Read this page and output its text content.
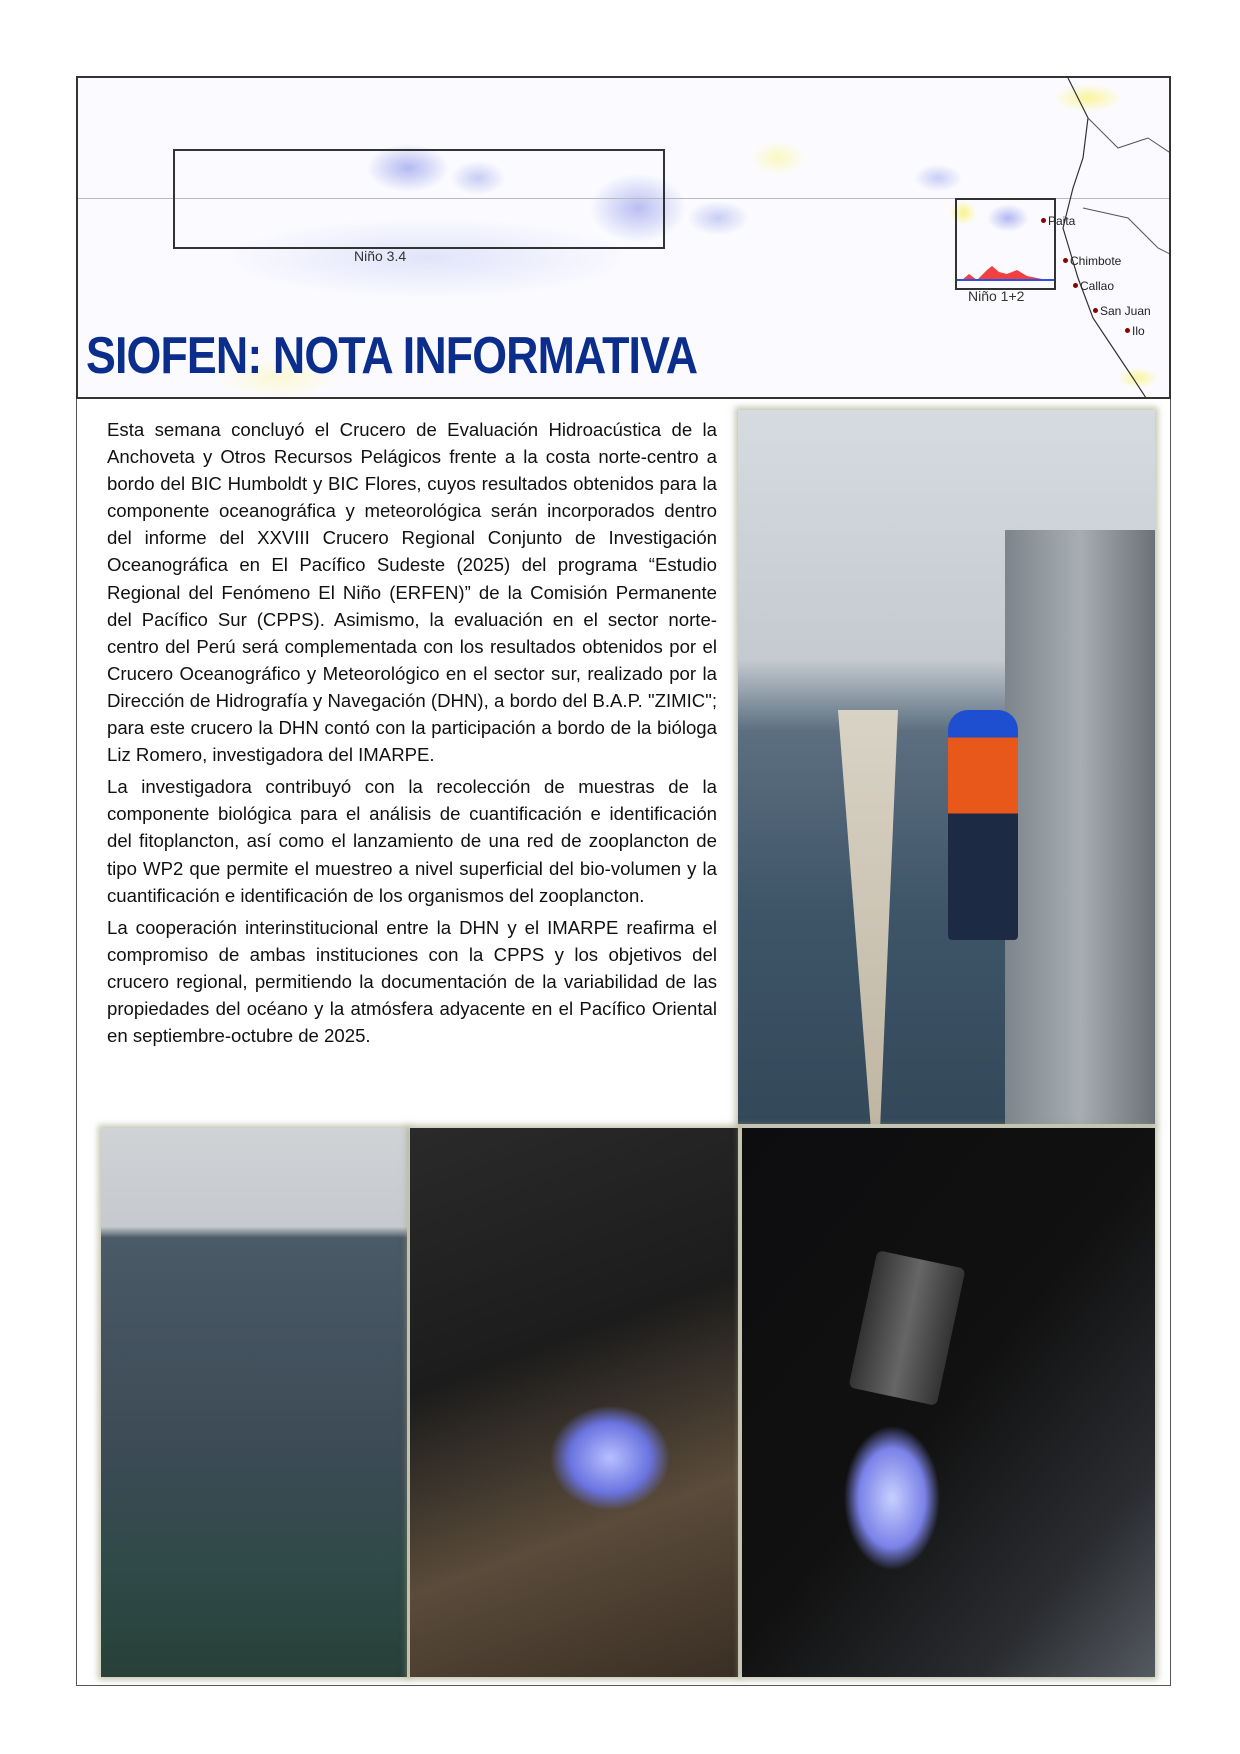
Niño 3.4
Niño 1+2
Paita
Chimbote
Callao
San Juan
Ilo
SIOFEN: NOTA INFORMATIVA

Esta semana concluyó el Crucero de Evaluación Hidroacústica de la Anchoveta y Otros Recursos Pelágicos frente a la costa norte-centro a bordo del BIC Humboldt y BIC Flores, cuyos resultados obtenidos para la componente oceanográfica y meteorológica serán incorporados dentro del informe del XXVIII Crucero Regional Conjunto de Investigación Oceanográfica en El Pacífico Sudeste (2025) del programa “Estudio Regional del Fenómeno El Niño (ERFEN)” de la Comisión Permanente del Pacífico Sur (CPPS). Asimismo, la evaluación en el sector norte-centro del Perú será complementada con los resultados obtenidos por el Crucero Oceanográfico y Meteorológico en el sector sur, realizado por la Dirección de Hidrografía y Navegación (DHN), a bordo del B.A.P. "ZIMIC"; para este crucero la DHN contó con la participación a bordo de la bióloga Liz Romero, investigadora del IMARPE.

La investigadora contribuyó con la recolección de muestras de la componente biológica para el análisis de cuantificación e identificación del fitoplancton, así como el lanzamiento de una red de zooplancton de tipo WP2 que permite el muestreo a nivel superficial del bio-volumen y la cuantificación e identificación de los organismos del zooplancton.

La cooperación interinstitucional entre la DHN y el IMARPE reafirma el compromiso de ambas instituciones con la CPPS y los objetivos del crucero regional, permitiendo la documentación de la variabilidad de las propiedades del océano y la atmósfera adyacente en el Pacífico Oriental en septiembre-octubre de 2025.
